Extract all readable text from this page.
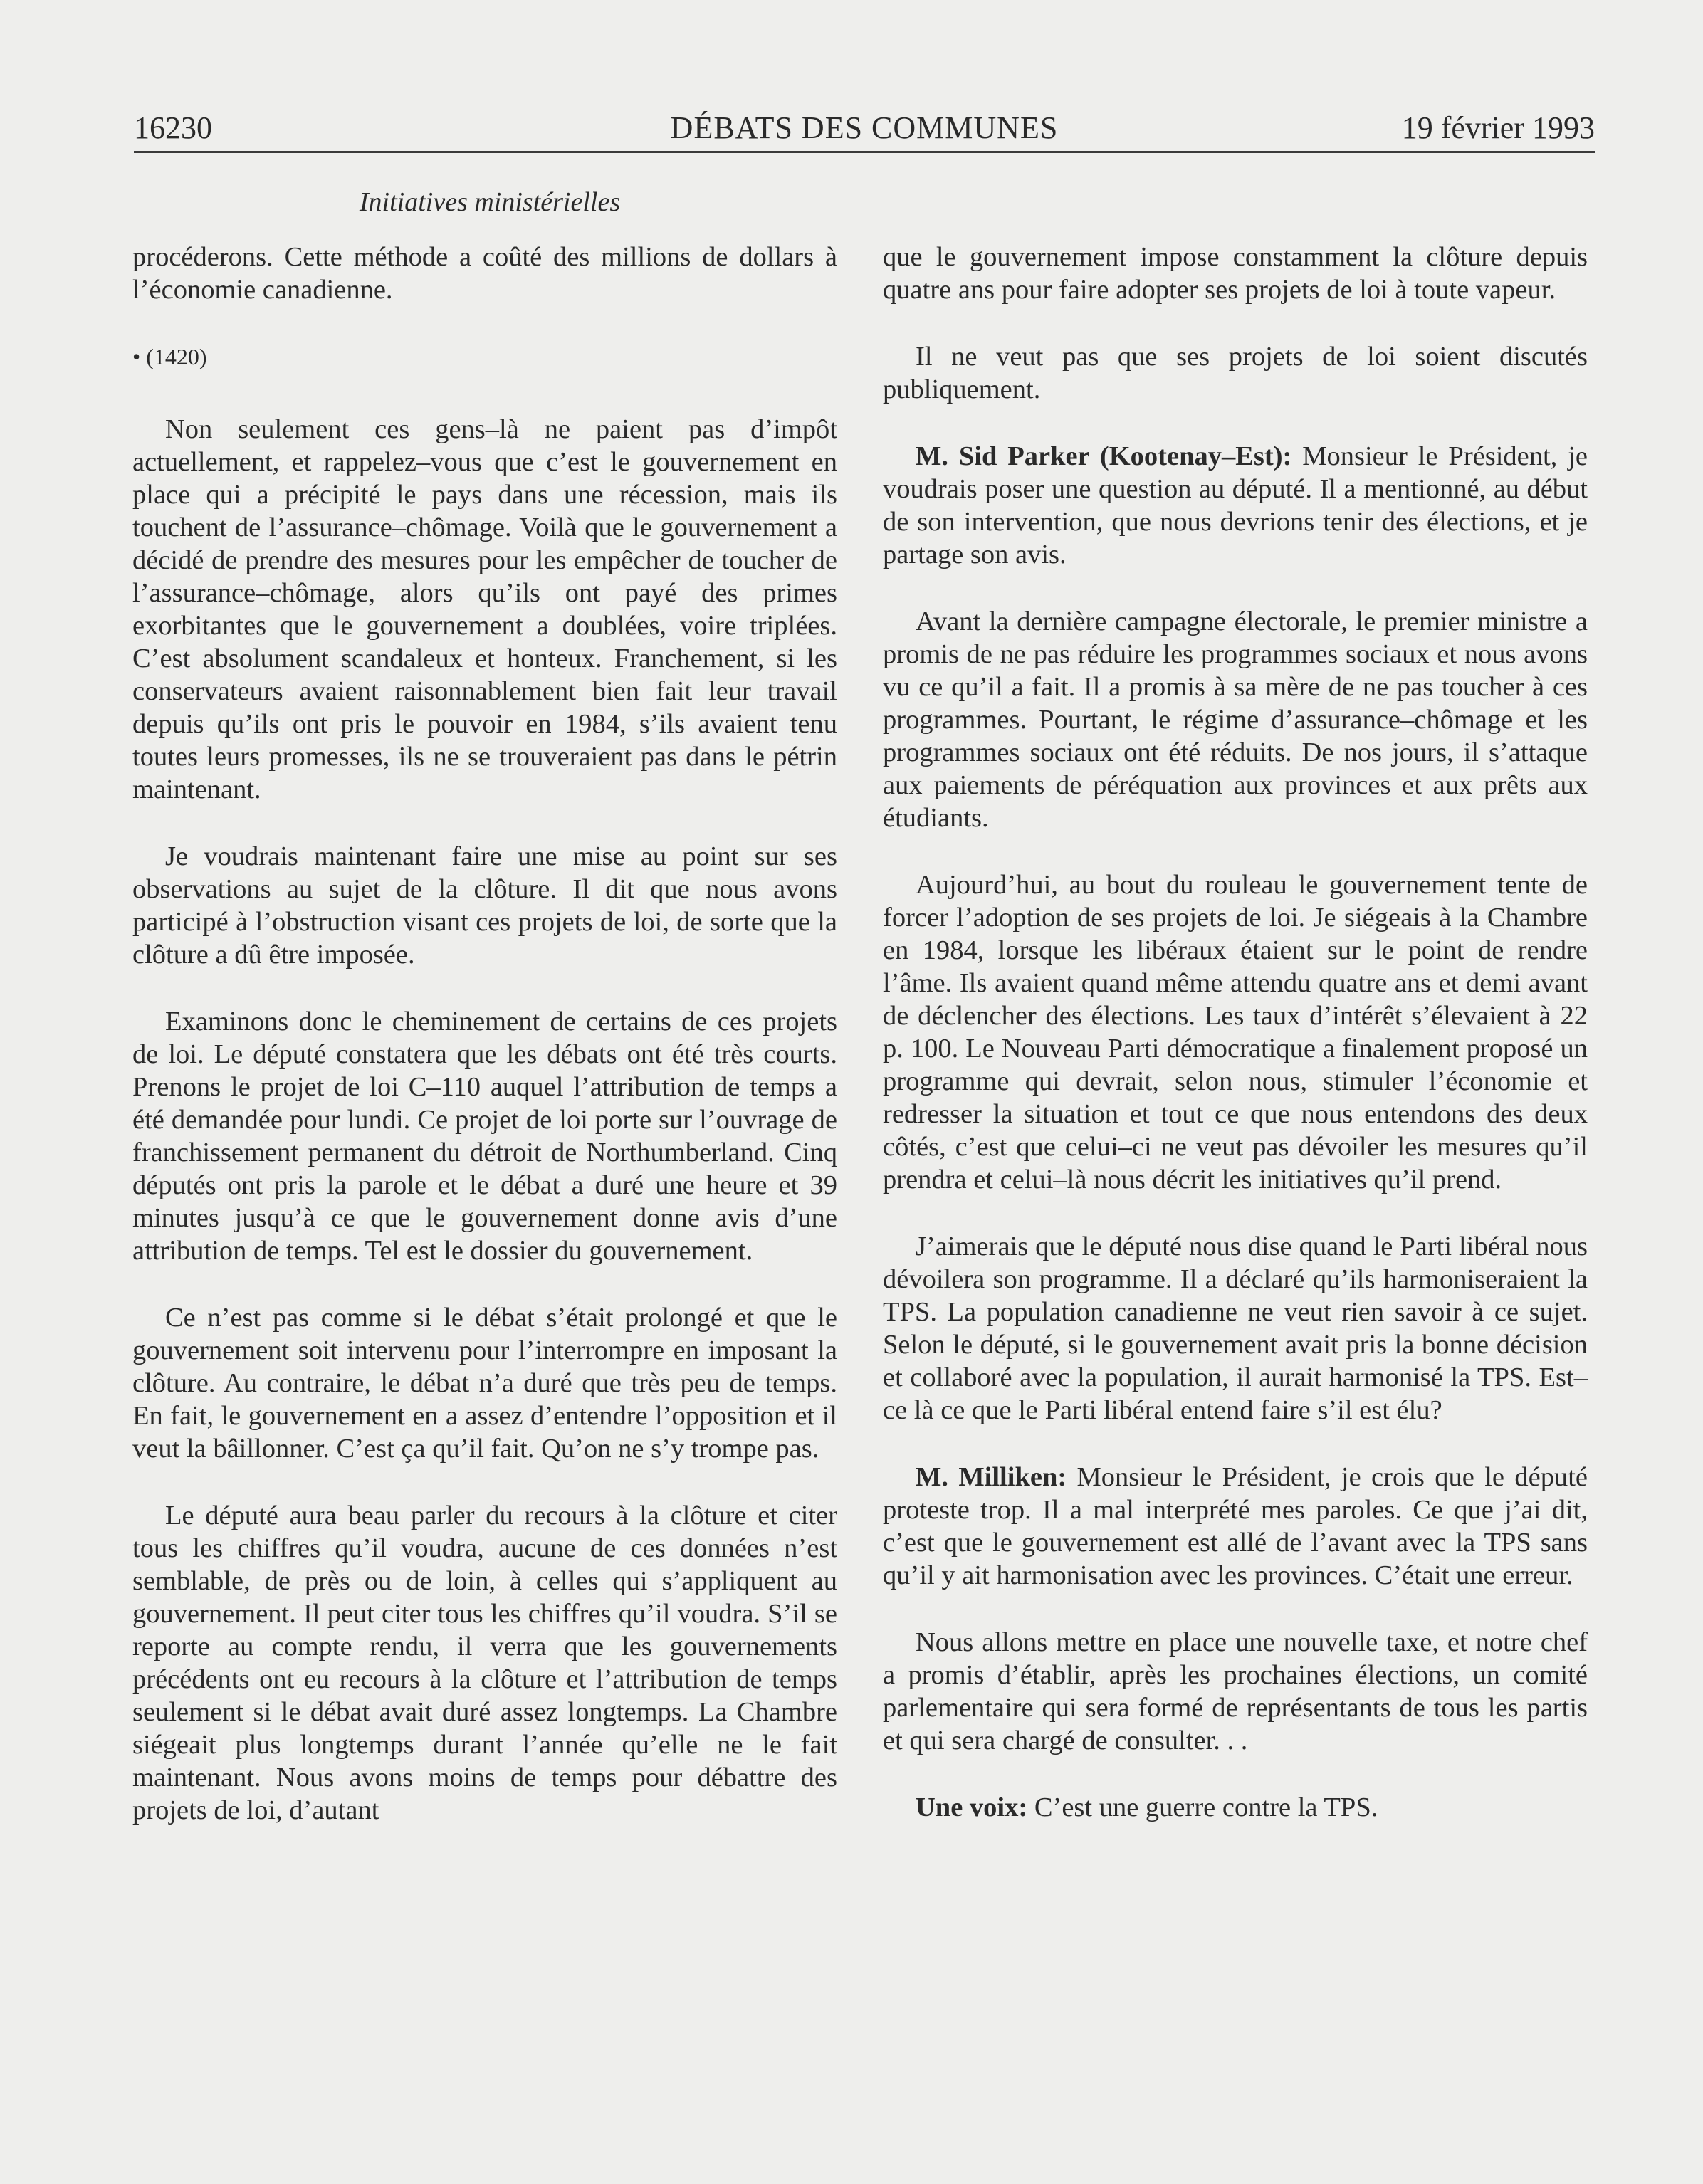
16230	DÉBATS DES COMMUNES	19 février 1993
Initiatives ministérielles

procéderons. Cette méthode a coûté des millions de dollars à l’économie canadienne.

• (1420)

Non seulement ces gens–là ne paient pas d’impôt actuellement, et rappelez–vous que c’est le gouvernement en place qui a précipité le pays dans une récession, mais ils touchent de l’assurance–chômage. Voilà que le gouvernement a décidé de prendre des mesures pour les empêcher de toucher de l’assurance–chômage, alors qu’ils ont payé des primes exorbitantes que le gouvernement a doublées, voire triplées. C’est absolument scandaleux et honteux. Franchement, si les conservateurs avaient raisonnablement bien fait leur travail depuis qu’ils ont pris le pouvoir en 1984, s’ils avaient tenu toutes leurs promesses, ils ne se trouveraient pas dans le pétrin maintenant.

Je voudrais maintenant faire une mise au point sur ses observations au sujet de la clôture. Il dit que nous avons participé à l’obstruction visant ces projets de loi, de sorte que la clôture a dû être imposée.

Examinons donc le cheminement de certains de ces projets de loi. Le député constatera que les débats ont été très courts. Prenons le projet de loi C–110 auquel l’attribution de temps a été demandée pour lundi. Ce projet de loi porte sur l’ouvrage de franchissement permanent du détroit de Northumberland. Cinq députés ont pris la parole et le débat a duré une heure et 39 minutes jusqu’à ce que le gouvernement donne avis d’une attribution de temps. Tel est le dossier du gouvernement.

Ce n’est pas comme si le débat s’était prolongé et que le gouvernement soit intervenu pour l’interrompre en imposant la clôture. Au contraire, le débat n’a duré que très peu de temps. En fait, le gouvernement en a assez d’entendre l’opposition et il veut la bâillonner. C’est ça qu’il fait. Qu’on ne s’y trompe pas.

Le député aura beau parler du recours à la clôture et citer tous les chiffres qu’il voudra, aucune de ces données n’est semblable, de près ou de loin, à celles qui s’appliquent au gouvernement. Il peut citer tous les chiffres qu’il voudra. S’il se reporte au compte rendu, il verra que les gouvernements précédents ont eu recours à la clôture et l’attribution de temps seulement si le débat avait duré assez longtemps. La Chambre siégeait plus longtemps durant l’année qu’elle ne le fait maintenant. Nous avons moins de temps pour débattre des projets de loi, d’autant

que le gouvernement impose constamment la clôture depuis quatre ans pour faire adopter ses projets de loi à toute vapeur.

Il ne veut pas que ses projets de loi soient discutés publiquement.

M. Sid Parker (Kootenay–Est): Monsieur le Président, je voudrais poser une question au député. Il a mentionné, au début de son intervention, que nous devrions tenir des élections, et je partage son avis.

Avant la dernière campagne électorale, le premier ministre a promis de ne pas réduire les programmes sociaux et nous avons vu ce qu’il a fait. Il a promis à sa mère de ne pas toucher à ces programmes. Pourtant, le régime d’assurance–chômage et les programmes sociaux ont été réduits. De nos jours, il s’attaque aux paiements de péréquation aux provinces et aux prêts aux étudiants.

Aujourd’hui, au bout du rouleau le gouvernement tente de forcer l’adoption de ses projets de loi. Je siégeais à la Chambre en 1984, lorsque les libéraux étaient sur le point de rendre l’âme. Ils avaient quand même attendu quatre ans et demi avant de déclencher des élections. Les taux d’intérêt s’élevaient à 22 p. 100. Le Nouveau Parti démocratique a finalement proposé un programme qui devrait, selon nous, stimuler l’économie et redresser la situation et tout ce que nous entendons des deux côtés, c’est que celui–ci ne veut pas dévoiler les mesures qu’il prendra et celui–là nous décrit les initiatives qu’il prend.

J’aimerais que le député nous dise quand le Parti libéral nous dévoilera son programme. Il a déclaré qu’ils harmoniseraient la TPS. La population canadienne ne veut rien savoir à ce sujet. Selon le député, si le gouvernement avait pris la bonne décision et collaboré avec la population, il aurait harmonisé la TPS. Est–ce là ce que le Parti libéral entend faire s’il est élu?

M. Milliken: Monsieur le Président, je crois que le député proteste trop. Il a mal interprété mes paroles. Ce que j’ai dit, c’est que le gouvernement est allé de l’avant avec la TPS sans qu’il y ait harmonisation avec les provinces. C’était une erreur.

Nous allons mettre en place une nouvelle taxe, et notre chef a promis d’établir, après les prochaines élections, un comité parlementaire qui sera formé de représentants de tous les partis et qui sera chargé de consulter. . .

Une voix: C’est une guerre contre la TPS.
